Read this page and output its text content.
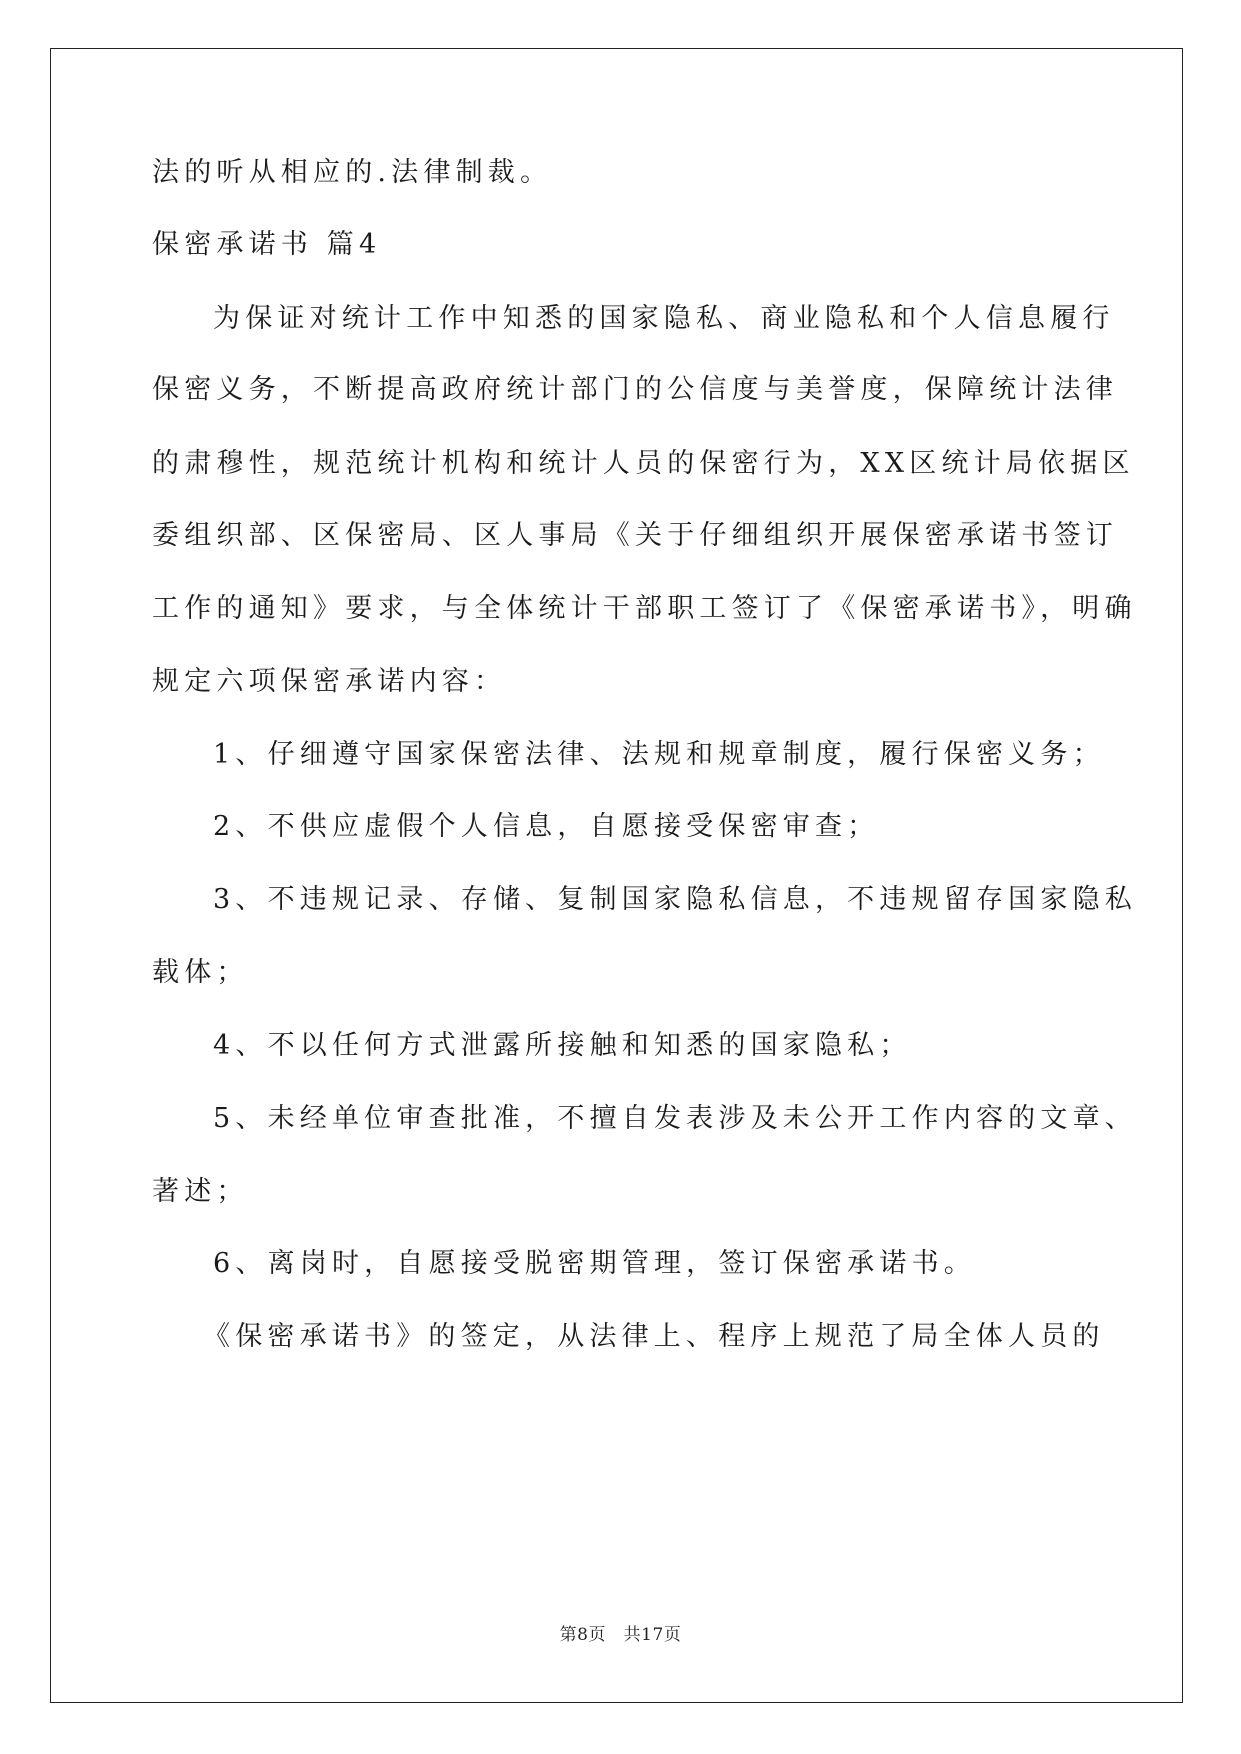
法的听从相应的.法律制裁。
保密承诺书 篇4
为保证对统计工作中知悉的国家隐私、商业隐私和个人信息履行
保密义务，不断提高政府统计部门的公信度与美誉度，保障统计法律
的肃穆性，规范统计机构和统计人员的保密行为，XX区统计局依据区
委组织部、区保密局、区人事局《关于仔细组织开展保密承诺书签订
工作的通知》要求，与全体统计干部职工签订了《保密承诺书》，明确
规定六项保密承诺内容：
1、仔细遵守国家保密法律、法规和规章制度，履行保密义务；
2、不供应虚假个人信息，自愿接受保密审查；
3、不违规记录、存储、复制国家隐私信息，不违规留存国家隐私
载体；
4、不以任何方式泄露所接触和知悉的国家隐私；
5、未经单位审查批准，不擅自发表涉及未公开工作内容的文章、
著述；
6、离岗时，自愿接受脱密期管理，签订保密承诺书。
《保密承诺书》的签定，从法律上、程序上规范了局全体人员的
第8页   共17页
